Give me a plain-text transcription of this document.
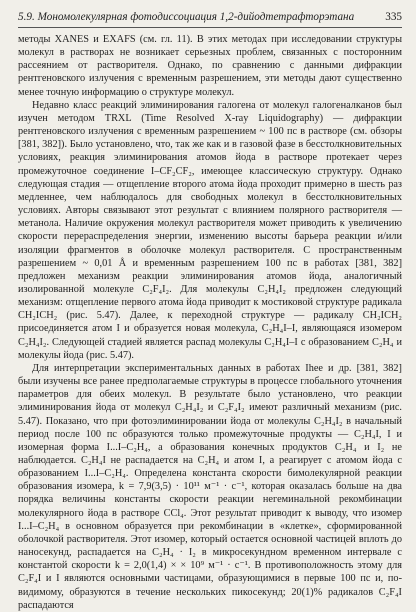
5.9. Мономолекулярная фотодиссоциация 1,2-дийодтетрафторэтана	335

методы XANES и EXAFS (см. гл. 11). В этих методах при исследовании структуры молекул в растворах не возникает серьезных проблем, связанных с посторонним рассеянием от растворителя. Однако, по сравнению с данными дифракции рентгеновского излучения с временным разрешением, эти методы дают существенно менее точную информацию о структуре молекул.

Недавно класс реакций элиминирования галогена от молекул галогеналканов был изучен методом TRXL (Time Resolved X-ray Liquidography) — дифракции рентгеновского излучения с временным разрешением ~ 100 пс в растворе (см. обзоры [381, 382]). Было установлено, что, так же как и в газовой фазе в бесстолкновительных условиях, реакция элиминирования атомов йода в растворе протекает через промежуточное соединение I–CF₂CF₂, имеющее классическую структуру. Однако следующая стадия — отщепление второго атома йода проходит примерно в шесть раз медленнее, чем наблюдалось для свободных молекул в бесстолкновительных условиях. Авторы связывают этот результат с влиянием полярного растворителя — метанола. Наличие окружения молекул растворителя может приводить к увеличению скорости перераспределения энергии, изменению высоты барьера реакции и/или изоляции фрагментов в оболочке молекул растворителя. С пространственным разрешением ~ 0,01 Å и временным разрешением 100 пс в работах [381, 382] предложен механизм реакции элиминирования атомов йода, аналогичный изолированной молекуле C₂F₄I₂. Для молекулы C₂H₄I₂ предложен следующий механизм: отщепление первого атома йода приводит к мостиковой структуре радикала CH₂ICH₂ (рис. 5.47). Далее, к переходной структуре — радикалу CH₂ICH₂ присоединяется атом I и образуется новая молекула, C₂H₄I–I, являющаяся изомером C₂H₄I₂. Следующей стадией является распад молекулы C₂H₄I–I с образованием C₂H₄ и молекулы йода (рис. 5.47).

Для интерпретации экспериментальных данных в работах Ihee и др. [381, 382] были изучены все ранее предполагаемые структуры в процессе глобального уточнения параметров для обеих молекул. В результате было установлено, что реакции элиминирования йода от молекул C₂H₄I₂ и C₂F₄I₂ имеют различный механизм (рис. 5.47). Показано, что при фотоэлиминировании йода от молекулы C₂H₄I₂ в начальный период после 100 пс образуются только промежуточные продукты — C₂H₄I, I и изомерная форма I...I–C₂H₄, а образования конечных продуктов C₂H₄ и I₂ не наблюдается. C₂H₄I не распадается на C₂H₄ и атом I, а реагирует с атомом йода с образованием I...I–C₂H₄. Определена константа скорости бимолекулярной реакции образования изомера, k = 7,9(3,5) · 10¹¹ м⁻¹ · с⁻¹, которая оказалась больше на два порядка величины константы скорости реакции негеминальной рекомбинации молекулярного йода в растворе CCl₄. Этот результат приводит к выводу, что изомер I...I–C₂H₄ в основном образуется при рекомбинации в «клетке», сформированной оболочкой растворителя. Этот изомер, который остается основной частицей вплоть до наносекунд, распадается на C₂H₄ · I₂ в микросекундном временном интервале с константой скорости k = 2,0(1,4) × × 10⁹ м⁻¹ · с⁻¹. В противоположность этому для C₂F₄I и I являются основными частицами, образующимися в первые 100 пс и, по-видимому, образуются в течение нескольких пикосекунд; 20(1)% радикалов C₂F₄I распадаются
